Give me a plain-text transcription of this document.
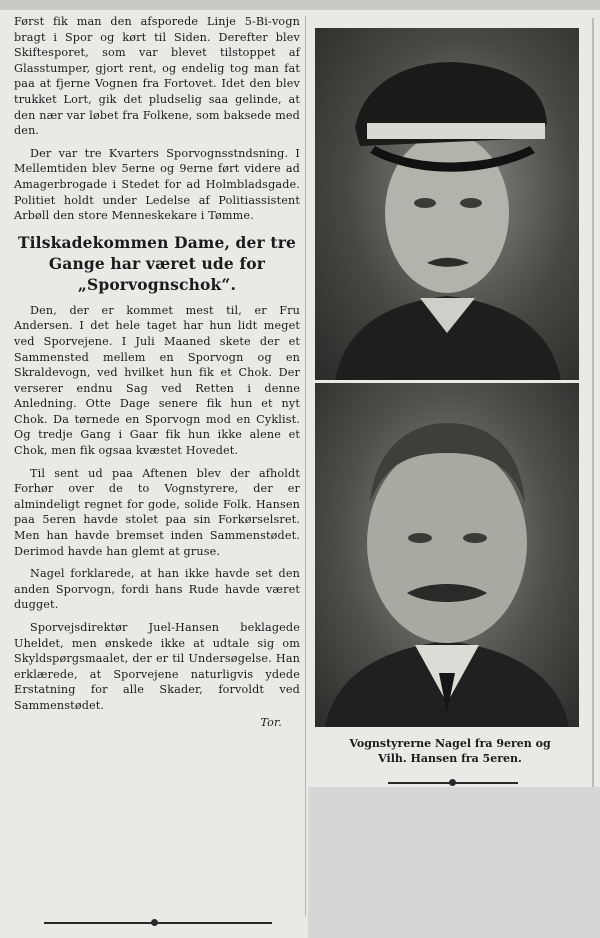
Først fik man den afsporede Linje 5-Bi-vogn bragt i Spor og kørt til Siden. Derefter blev Skiftesporet, som var blevet tilstoppet af Glasstumper, gjort rent, og endelig tog man fat paa at fjerne Vognen fra Fortovet. Idet den blev trukket Lort, gik det pludselig saa gelinde, at den nær var løbet fra Folkene, som baksede med den.

Der var tre Kvarters Sporvognsstndsning. I Mellemtiden blev 5erne og 9erne ført videre ad Amagerbrogade i Stedet for ad Holmbladsgade. Politiet holdt under Ledelse af Politiassistent Arbøll den store Menneskekare i Tømme.

Tilskadekommen Dame, der tre Gange har været ude for „Sporvognschok“.

Den, der er kommet mest til, er Fru Andersen. I det hele taget har hun lidt meget ved Sporvejene. I Juli Maaned skete der et Sammensted mellem en Sporvogn og en Skraldevogn, ved hvilket hun fik et Chok. Der verserer endnu Sag ved Retten i denne Anledning. Otte Dage senere fik hun et nyt Chok. Da tørnede en Sporvogn mod en Cyklist. Og tredje Gang i Gaar fik hun ikke alene et Chok, men fik ogsaa kvæstet Hovedet.

Til sent ud paa Aftenen blev der afholdt Forhør over de to Vognstyrere, der er almindeligt regnet for gode, solide Folk. Hansen paa 5eren havde stolet paa sin Forkørselsret. Men han havde bremset inden Sammenstødet. Derimod havde han glemt at gruse.

Nagel forklarede, at han ikke havde set den anden Sporvogn, fordi hans Rude havde været dugget.

Sporvejsdirektør Juel-Hansen beklagede Uheldet, men ønskede ikke at udtale sig om Skyldspørgsmaalet, der er til Undersøgelse. Han erklærede, at Sporvejene naturligvis ydede Erstatning for alle Skader, forvoldt ved Sammenstødet.

Tor.
Vognstyrerne Nagel fra 9eren og
Vilh. Hansen fra 5eren.
